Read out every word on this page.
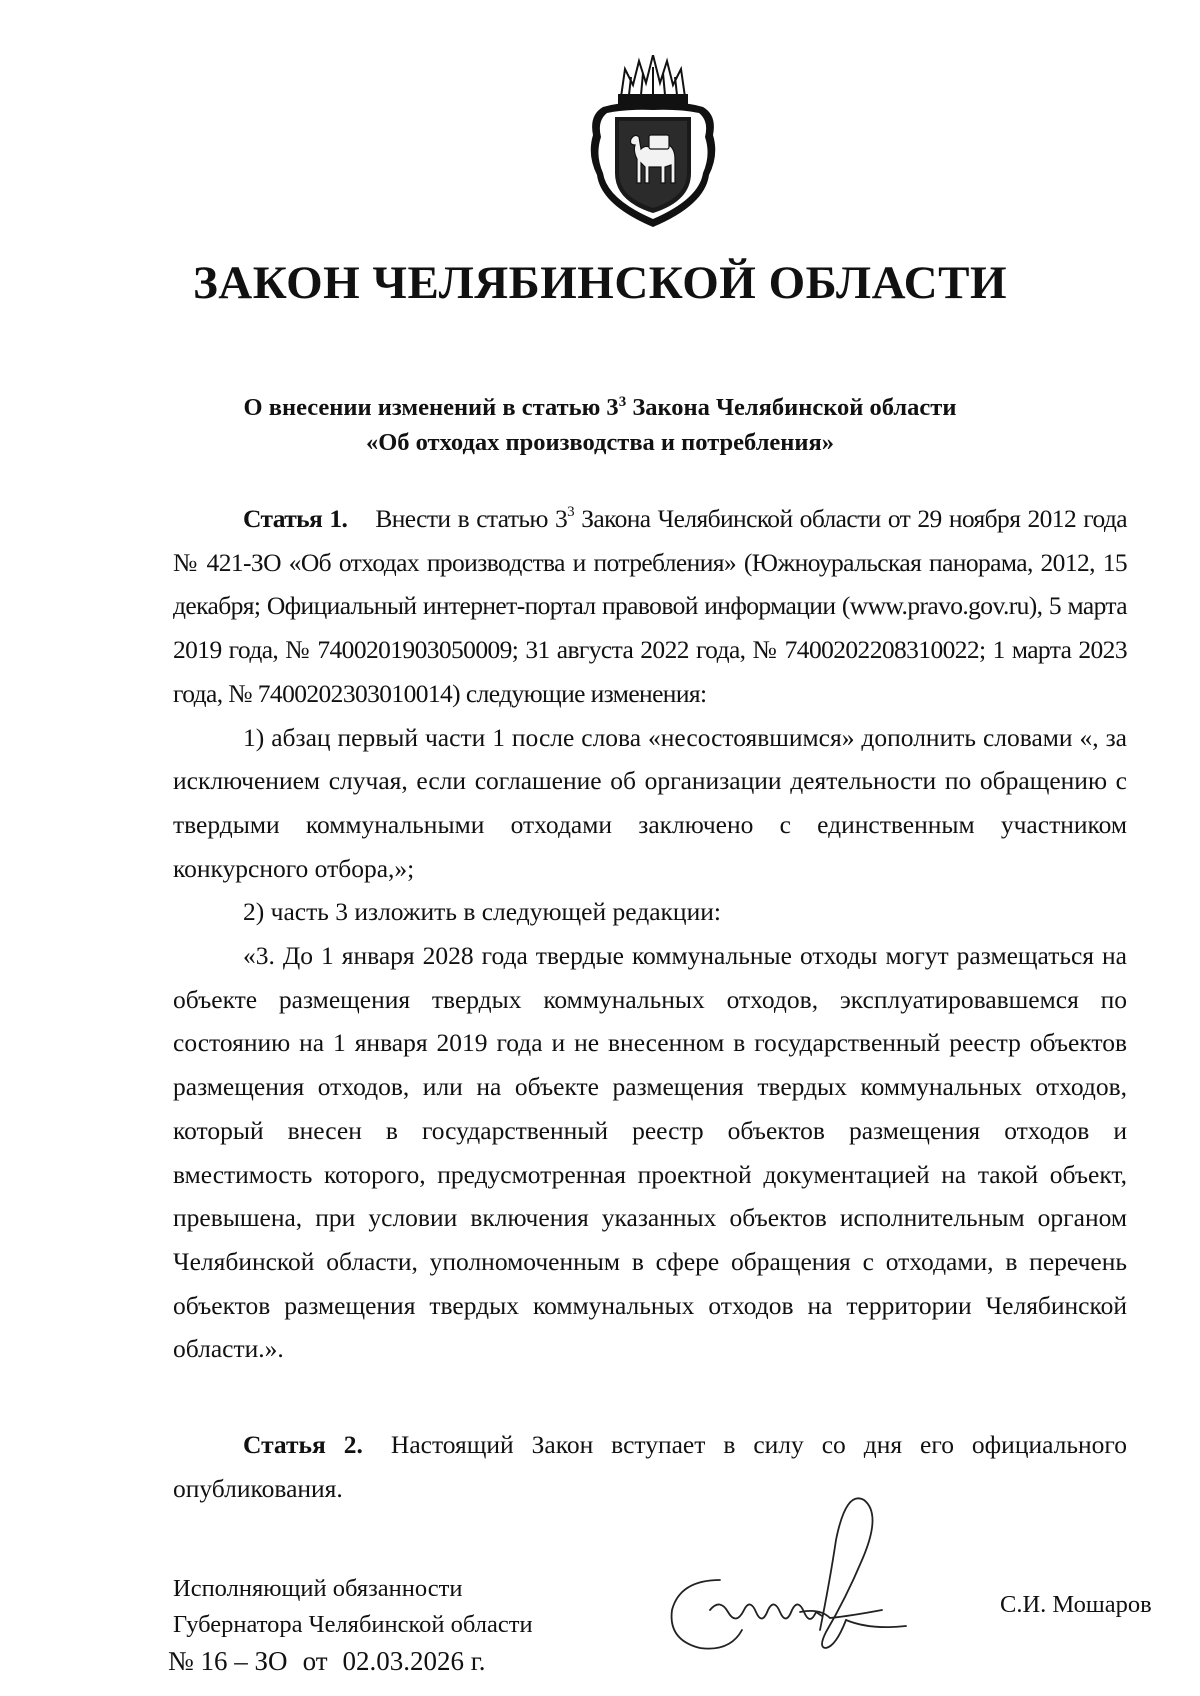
ЗАКОН ЧЕЛЯБИНСКОЙ ОБЛАСТИ
О внесении изменений в статью $3^3$ Закона Челябинской области
«Об отходах производства и потребления»

Статья 1. Внести в статью $3^3$ Закона Челябинской области от 29 ноября 2012 года № 421-ЗО «Об отходах производства и потребления» (Южноуральская панорама, 2012, 15 декабря; Официальный интернет-портал правовой информации (www.pravo.gov.ru), 5 марта 2019 года, № 7400201903050009; 31 августа 2022 года, № 7400202208310022; 1 марта 2023 года, № 7400202303010014) следующие изменения:

1) абзац первый части 1 после слова «несостоявшимся» дополнить словами «, за исключением случая, если соглашение об организации деятельности по обращению с твердыми коммунальными отходами заключено с единственным участником конкурсного отбора,»;

2) часть 3 изложить в следующей редакции:

«3. До 1 января 2028 года твердые коммунальные отходы могут размещаться на объекте размещения твердых коммунальных отходов, эксплуатировавшемся по состоянию на 1 января 2019 года и не внесенном в государственный реестр объектов размещения отходов, или на объекте размещения твердых коммунальных отходов, который внесен в государственный реестр объектов размещения отходов и вместимость которого, предусмотренная проектной документацией на такой объект, превышена, при условии включения указанных объектов исполнительным органом Челябинской области, уполномоченным в сфере обращения с отходами, в перечень объектов размещения твердых коммунальных отходов на территории Челябинской области.».

Статья 2. Настоящий Закон вступает в силу со дня его официального опубликования.

Исполняющий обязанности
Губернатора Челябинской области
С.И. Мошаров
№ 16 – ЗО от 02.03.2026 г.
